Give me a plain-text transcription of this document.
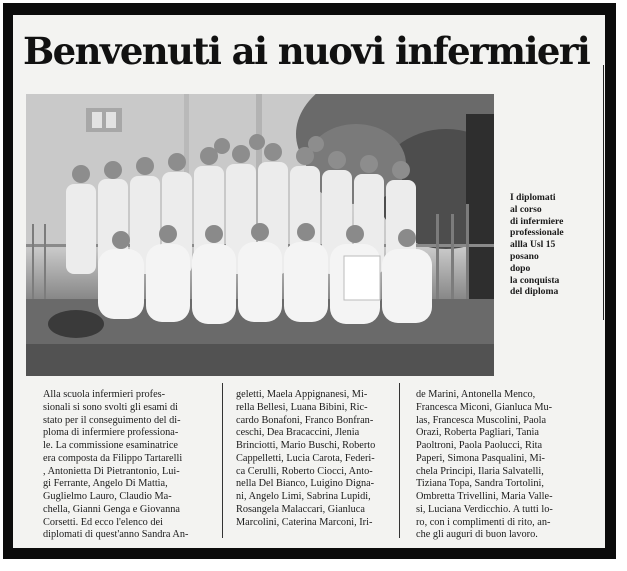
Benvenuti ai nuovi infermieri
I diplomati
al corso
di infermiere
professionale
allla Usl 15
posano
dopo
la conquista
del diploma
Alla scuola infermieri profes-
sionali si sono svolti gli esami di
stato per il conseguimento del di-
ploma di infermiere professiona-
le. La commissione esaminatrice
era composta da Filippo Tartarelli
, Antonietta Di Pietrantonio, Lui-
gi Ferrante, Angelo Di Mattia,
Guglielmo Lauro, Claudio Ma-
chella, Gianni Genga e Giovanna
Corsetti. Ed ecco l'elenco dei
diplomati di quest'anno Sandra An-
geletti, Maela Appignanesi, Mi-
rella Bellesi, Luana Bibini, Ric-
cardo Bonafoni, Franco Bonfran-
ceschi, Dea Bracaccini, Jlenia
Brinciotti, Mario Buschi, Roberto
Cappelletti, Lucia Carota, Federi-
ca Cerulli, Roberto Ciocci, Anto-
nella Del Bianco, Luigino Digna-
ni, Angelo Limi, Sabrina Lupidi,
Rosangela Malaccari, Gianluca
Marcolini, Caterina Marconi, Iri-
de Marini, Antonella Menco,
Francesca Miconi, Gianluca Mu-
las, Francesca Muscolini, Paola
Orazi, Roberta Pagliari, Tania
Paoltroni, Paola Paolucci, Rita
Paperi, Simona Pasqualini, Mi-
chela Principi, Ilaria Salvatelli,
Tiziana Topa, Sandra Tortolini,
Ombretta Trivellini, Maria Valle-
si, Luciana Verdicchio. A tutti lo-
ro, con i complimenti di rito, an-
che gli auguri di buon lavoro.
